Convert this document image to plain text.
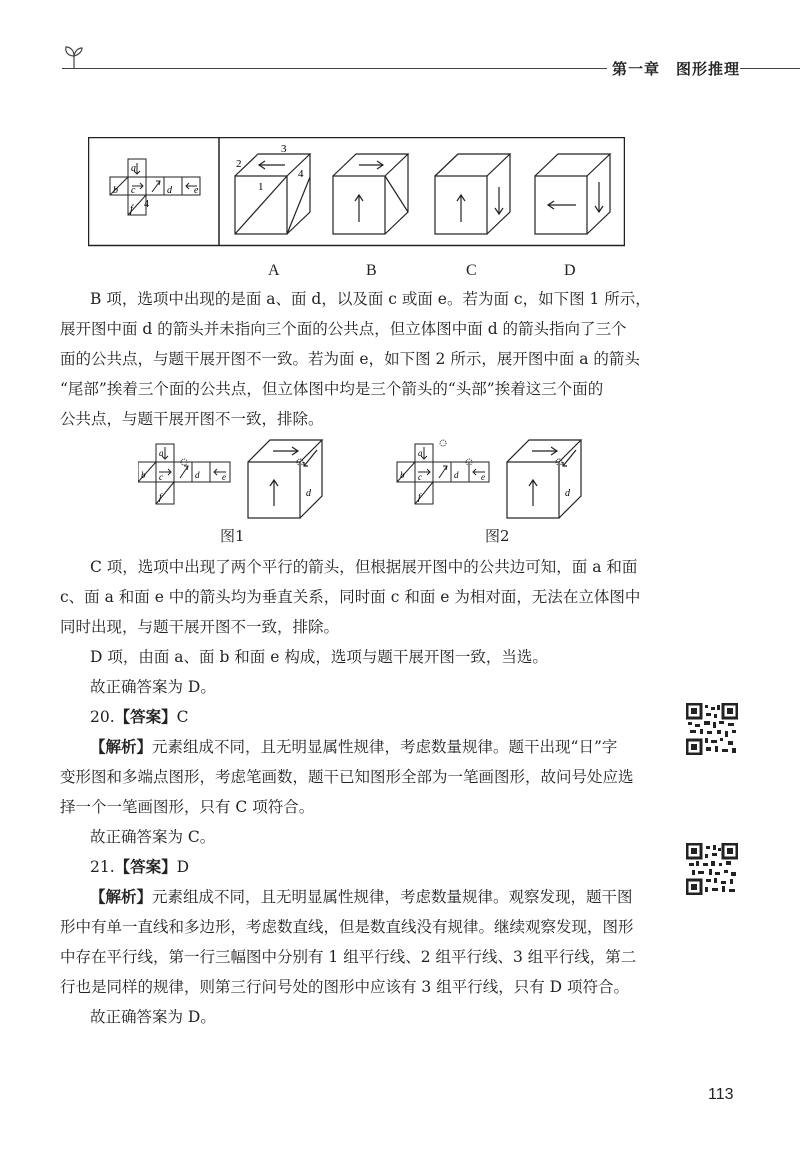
第一章　图形推理
a
b c	d e
f 4
2
3
4
1
A	B	C	D
B 项，选项中出现的是面 a、面 d，以及面 c 或面 e。若为面 c，如下图 1 所示，
展开图中面 d 的箭头并未指向三个面的公共点，但立体图中面 d 的箭头指向了三个
面的公共点，与题干展开图不一致。若为面 e，如下图 2 所示，展开图中面 a 的箭头
“尾部”挨着三个面的公共点，但立体图中均是三个箭头的“头部”挨着这三个面的
公共点，与题干展开图不一致，排除。
a
b c	d	e
f	d
图1
a
b c	d	e
f	d
图2
C 项，选项中出现了两个平行的箭头，但根据展开图中的公共边可知，面 a 和面
c、面 a 和面 e 中的箭头均为垂直关系，同时面 c 和面 e 为相对面，无法在立体图中
同时出现，与题干展开图不一致，排除。
D 项，由面 a、面 b 和面 e 构成，选项与题干展开图一致，当选。
故正确答案为 D。
20.【答案】C
【解析】元素组成不同，且无明显属性规律，考虑数量规律。题干出现“日”字
变形图和多端点图形，考虑笔画数，题干已知图形全部为一笔画图形，故问号处应选
择一个一笔画图形，只有 C 项符合。
故正确答案为 C。
21.【答案】D
【解析】元素组成不同，且无明显属性规律，考虑数量规律。观察发现，题干图
形中有单一直线和多边形，考虑数直线，但是数直线没有规律。继续观察发现，图形
中存在平行线，第一行三幅图中分别有 1 组平行线、2 组平行线、3 组平行线，第二
行也是同样的规律，则第三行问号处的图形中应该有 3 组平行线，只有 D 项符合。
故正确答案为 D。
113
